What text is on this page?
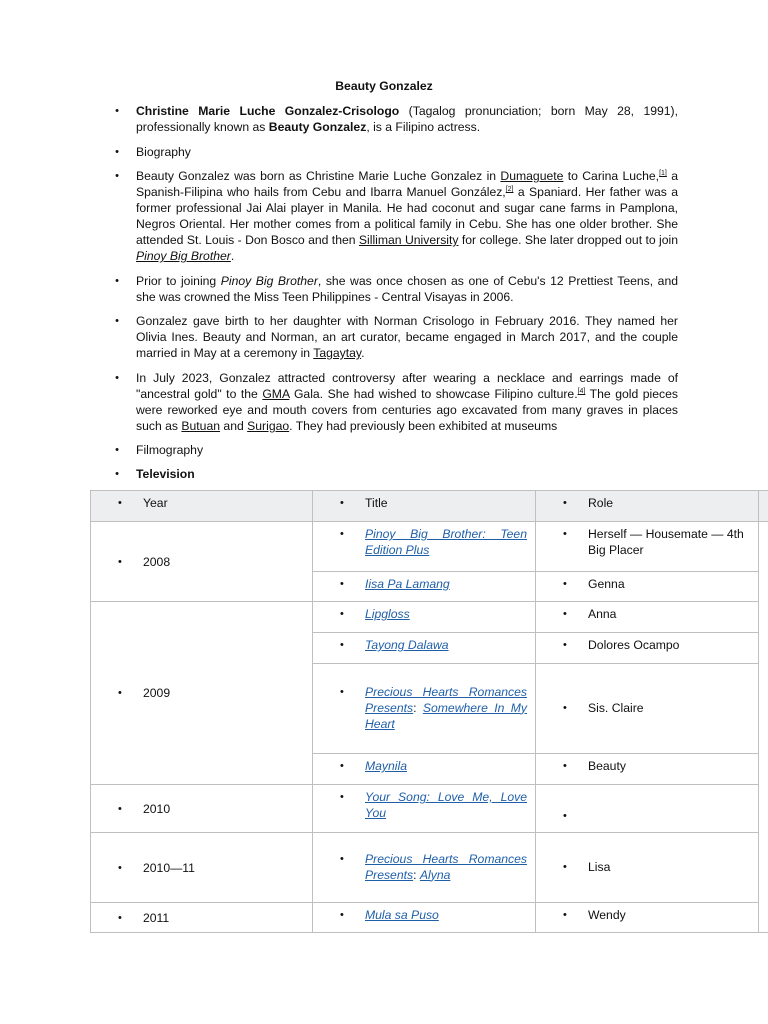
Beauty Gonzalez
•	Christine Marie Luche Gonzalez-Crisologo (Tagalog pronunciation; born May 28, 1991), professionally known as Beauty Gonzalez, is a Filipino actress.
•	Biography
•	Beauty Gonzalez was born as Christine Marie Luche Gonzalez in Dumaguete to Carina Luche,[1] a Spanish-Filipina who hails from Cebu and Ibarra Manuel González,[2] a Spaniard. Her father was a former professional Jai Alai player in Manila. He had coconut and sugar cane farms in Pamplona, Negros Oriental. Her mother comes from a political family in Cebu. She has one older brother. She attended St. Louis - Don Bosco and then Silliman University for college. She later dropped out to join Pinoy Big Brother.
•	Prior to joining Pinoy Big Brother, she was once chosen as one of Cebu's 12 Prettiest Teens, and she was crowned the Miss Teen Philippines - Central Visayas in 2006.
•	Gonzalez gave birth to her daughter with Norman Crisologo in February 2016. They named her Olivia Ines. Beauty and Norman, an art curator, became engaged in March 2017, and the couple married in May at a ceremony in Tagaytay.
•	In July 2023, Gonzalez attracted controversy after wearing a necklace and earrings made of "ancestral gold" to the GMA Gala. She had wished to showcase Filipino culture.[4] The gold pieces were reworked eye and mouth covers from centuries ago excavated from many graves in places such as Butuan and Surigao. They had previously been exhibited at museums
•	Filmography
•	Television
• Year	• Title	• Role	

• 2008	• Pinoy Big Brother: Teen Edition Plus	• Herself — Housemate — 4th Big Placer	

	• Iisa Pa Lamang	• Genna	

• 2009	• Lipgloss	• Anna	

	• Tayong Dalawa	• Dolores Ocampo	

	• Precious Hearts Romances Presents: Somewhere In My Heart	• Sis. Claire	

	• Maynila	• Beauty	

• 2010	• Your Song: Love Me, Love You	•	

• 2010—11	• Precious Hearts Romances Presents: Alyna	• Lisa	

• 2011	• Mula sa Puso	• Wendy	
